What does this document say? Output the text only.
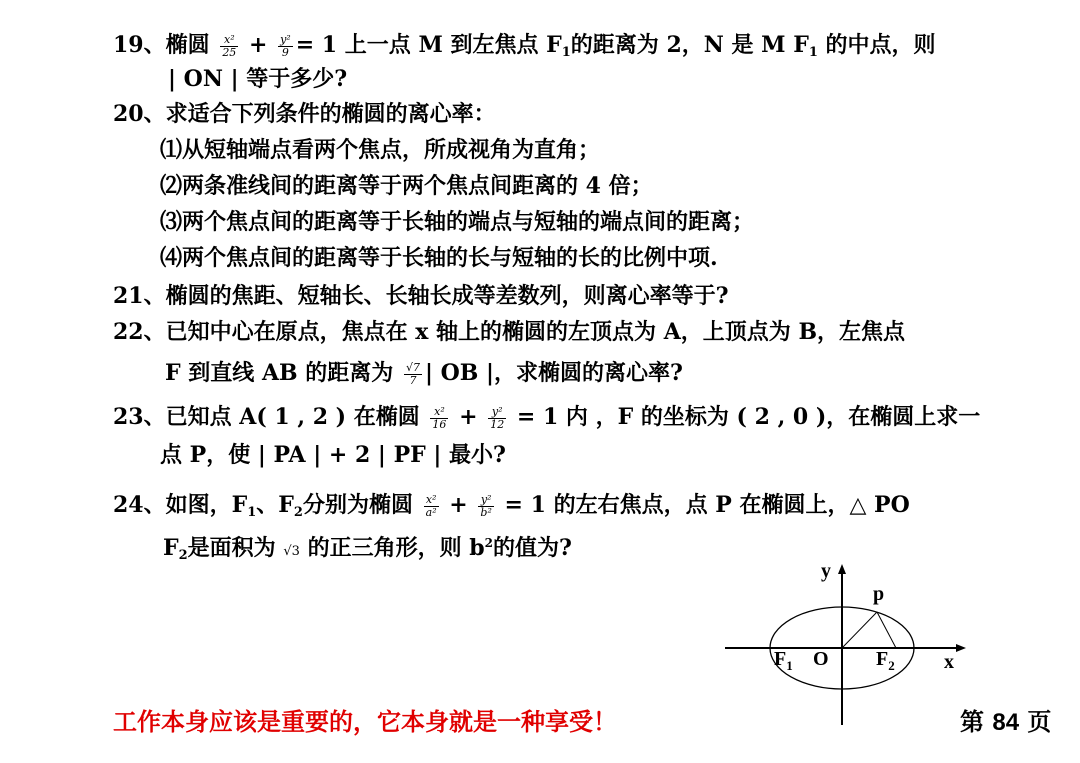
19、椭圆 $\frac{\text{x²}}{25} + \frac{\text{y²}}{9} = 1$ 上一点 M 到左焦点 $F_1$的距离为 2，N 是 M $F_1$ 的中点，则
| ON | 等于多少?
20、求适合下列条件的椭圆的离心率：
⑴从短轴端点看两个焦点，所成视角为直角；
⑵两条准线间的距离等于两个焦点间距离的 4 倍；
⑶两个焦点间的距离等于长轴的端点与短轴的端点间的距离；
⑷两个焦点间的距离等于长轴的长与短轴的长的比例中项.
21、椭圆的焦距、短轴长、长轴长成等差数列，则离心率等于?
22、已知中心在原点，焦点在 x 轴上的椭圆的左顶点为 A，上顶点为 B，左焦点
F 到直线 AB 的距离为 $\frac{√7}{7}$ | OB |，求椭圆的离心率?
23、已知点 A( 1 , 2 ) 在椭圆 $\frac{\text{x²}}{16} + \frac{\text{y²}}{12} = 1$ 内 ，F 的坐标为 ( 2 , 0 )，在椭圆上求一
点 P，使 | PA | + 2 | PF | 最小?
24、如图，$F_1$、$F_2$分别为椭圆 $\frac{\text{x²}}{\text{a²}} + \frac{\text{y²}}{\text{b²}} = 1$ 的左右焦点，点 P 在椭圆上，△ PO
$F_2$是面积为 √3 的正三角形，则 $b^2$的值为?
y
x
p
O
$F_1$	$F_2$
工作本身应该是重要的，它本身就是一种享受！	第 84 页
